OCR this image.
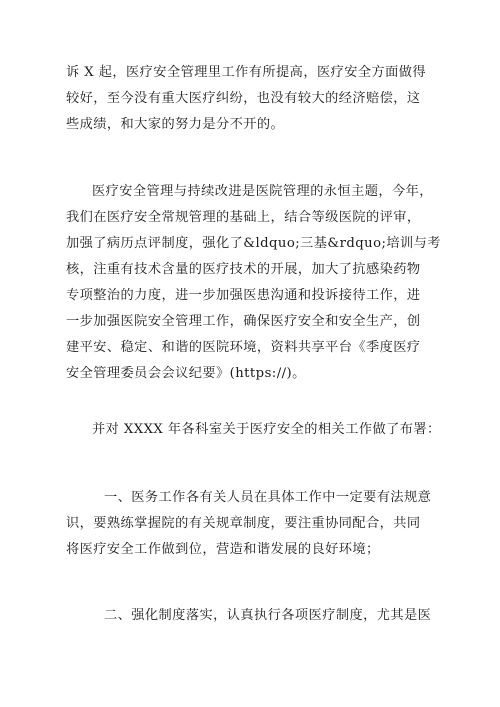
诉 X 起，医疗安全管理里工作有所提高，医疗安全方面做得
较好，至今没有重大医疗纠纷，也没有较大的经济赔偿，这
些成绩，和大家的努力是分不开的。
医疗安全管理与持续改进是医院管理的永恒主题，今年，
我们在医疗安全常规管理的基础上，结合等级医院的评审，
加强了病历点评制度，强化了&ldquo;三基&rdquo;培训与考
核，注重有技术含量的医疗技术的开展，加大了抗感染药物
专项整治的力度，进一步加强医患沟通和投诉接待工作，进
一步加强医院安全管理工作，确保医疗安全和安全生产，创
建平安、稳定、和谐的医院环境，资料共享平台《季度医疗
安全管理委员会会议纪要》(https://)。
并对 XXXX 年各科室关于医疗安全的相关工作做了布署：
一、医务工作各有关人员在具体工作中一定要有法规意
识，要熟练掌握院的有关规章制度，要注重协同配合，共同
将医疗安全工作做到位，营造和谐发展的良好环境；
二、强化制度落实，认真执行各项医疗制度，尤其是医
